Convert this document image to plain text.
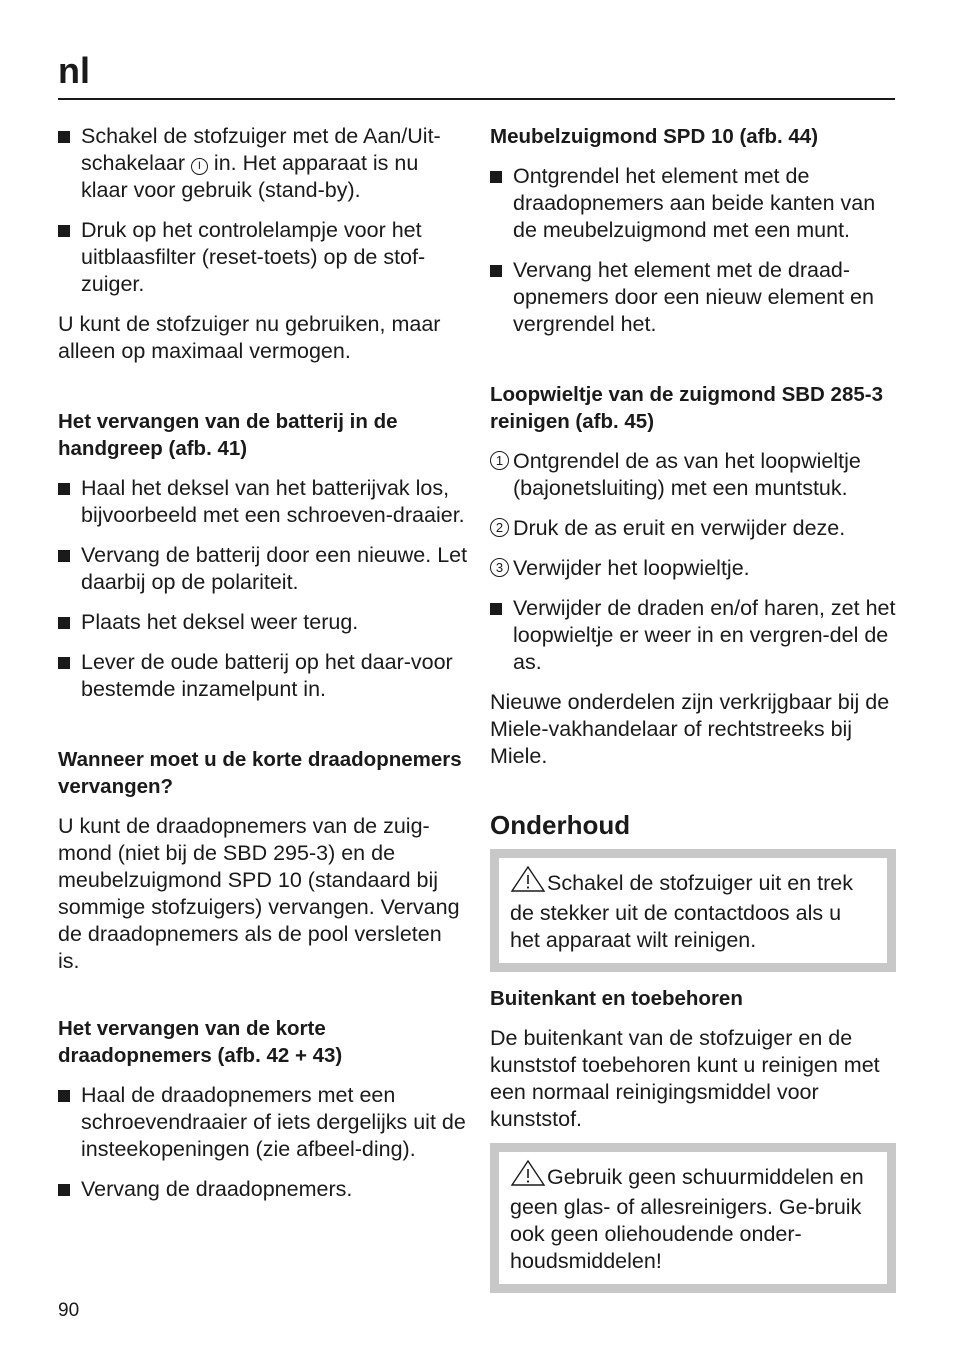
nl
Schakel de stofzuiger met de Aan/Uit-schakelaar I in. Het apparaat is nu klaar voor gebruik (stand-by).
Druk op het controlelampje voor het uitblaasfilter (reset-toets) op de stof-zuiger.

U kunt de stofzuiger nu gebruiken, maar alleen op maximaal vermogen.

Het vervangen van de batterij in de handgreep (afb. 41)
Haal het deksel van het batterijvak los, bijvoorbeeld met een schroeven-draaier.
Vervang de batterij door een nieuwe. Let daarbij op de polariteit.
Plaats het deksel weer terug.
Lever de oude batterij op het daar-voor bestemde inzamelpunt in.
Wanneer moet u de korte draadopnemers vervangen?

U kunt de draadopnemers van de zuig-mond (niet bij de SBD 295-3) en de meubelzuigmond SPD 10 (standaard bij sommige stofzuigers) vervangen. Vervang de draadopnemers als de pool versleten is.

Het vervangen van de korte draadopnemers (afb. 42 + 43)
Haal de draadopnemers met een schroevendraaier of iets dergelijks uit de insteekopeningen (zie afbeel-ding).
Vervang de draadopnemers.
Meubelzuigmond SPD 10 (afb. 44)
Ontgrendel het element met de draadopnemers aan beide kanten van de meubelzuigmond met een munt.
Vervang het element met de draad-opnemers door een nieuw element en vergrendel het.
Loopwieltje van de zuigmond SBD 285-3 reinigen (afb. 45)
1 Ontgrendel de as van het loopwieltje (bajonetsluiting) met een muntstuk.
2 Druk de as eruit en verwijder deze.
3 Verwijder het loopwieltje.
Verwijder de draden en/of haren, zet het loopwieltje er weer in en vergren-del de as.

Nieuwe onderdelen zijn verkrijgbaar bij de Miele-vakhandelaar of rechtstreeks bij Miele.

Onderhoud
Schakel de stofzuiger uit en trek de stekker uit de contactdoos als u het apparaat wilt reinigen.
Buitenkant en toebehoren

De buitenkant van de stofzuiger en de kunststof toebehoren kunt u reinigen met een normaal reinigingsmiddel voor kunststof.

Gebruik geen schuurmiddelen en geen glas- of allesreinigers. Ge-bruik ook geen oliehoudende onder-houdsmiddelen!
90
